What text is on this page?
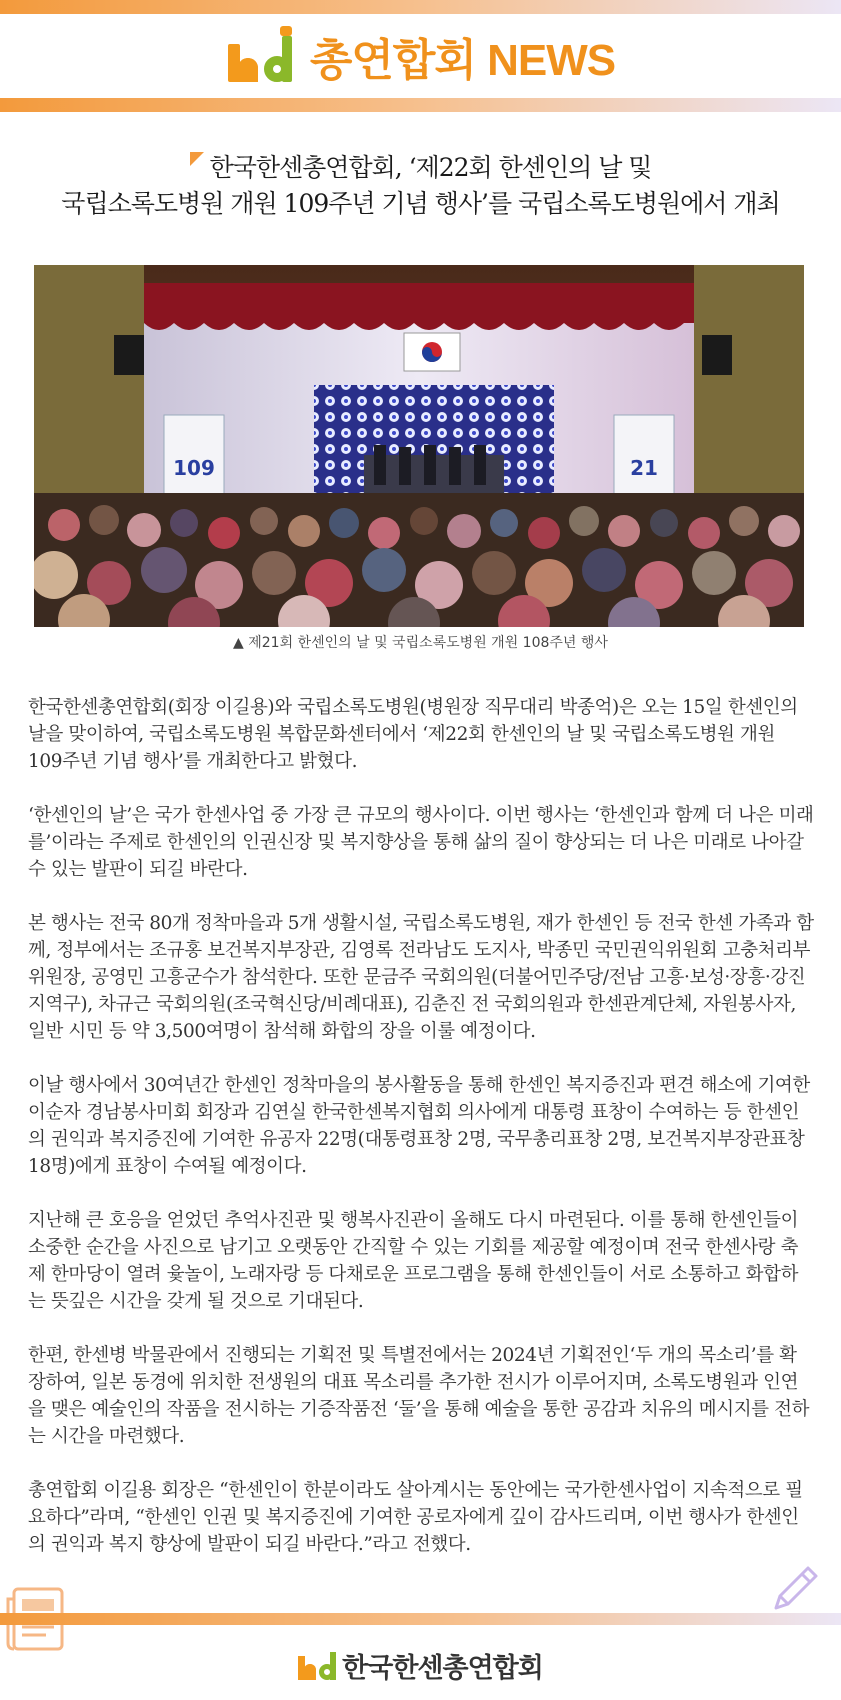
총연합회 NEWS
한국한센총연합회, ‘제22회 한센인의 날 및
국립소록도병원 개원 109주년 기념 행사’를 국립소록도병원에서 개최
109	21
▲ 제21회 한센인의 날 및 국립소록도병원 개원 108주년 행사

한국한센총연합회(회장 이길용)와 국립소록도병원(병원장 직무대리 박종억)은 오는 15일 한센인의 날을 맞이하여, 국립소록도병원 복합문화센터에서 ‘제22회 한센인의 날 및 국립소록도병원 개원 109주년 기념 행사’를 개최한다고 밝혔다.

‘한센인의 날’은 국가 한센사업 중 가장 큰 규모의 행사이다. 이번 행사는 ‘한센인과 함께 더 나은 미래를’이라는 주제로 한센인의 인권신장 및 복지향상을 통해 삶의 질이 향상되는 더 나은 미래로 나아갈 수 있는 발판이 되길 바란다.

본 행사는 전국 80개 정착마을과 5개 생활시설, 국립소록도병원, 재가 한센인 등 전국 한센 가족과 함께, 정부에서는 조규홍 보건복지부장관, 김영록 전라남도 도지사, 박종민 국민권익위원회 고충처리부위원장, 공영민 고흥군수가 참석한다. 또한 문금주 국회의원(더불어민주당/전남 고흥·보성·장흥·강진지역구), 차규근 국회의원(조국혁신당/비례대표), 김춘진 전 국회의원과 한센관계단체, 자원봉사자, 일반 시민 등 약 3,500여명이 참석해 화합의 장을 이룰 예정이다.

이날 행사에서 30여년간 한센인 정착마을의 봉사활동을 통해 한센인 복지증진과 편견 해소에 기여한 이순자 경남봉사미회 회장과 김연실 한국한센복지협회 의사에게 대통령 표창이 수여하는 등 한센인의 권익과 복지증진에 기여한 유공자 22명(대통령표창 2명, 국무총리표창 2명, 보건복지부장관표창 18명)에게 표창이 수여될 예정이다.

지난해 큰 호응을 얻었던 추억사진관 및 행복사진관이 올해도 다시 마련된다. 이를 통해 한센인들이 소중한 순간을 사진으로 남기고 오랫동안 간직할 수 있는 기회를 제공할 예정이며 전국 한센사랑 축제 한마당이 열려 윷놀이, 노래자랑 등 다채로운 프로그램을 통해 한센인들이 서로 소통하고 화합하는 뜻깊은 시간을 갖게 될 것으로 기대된다.

한편, 한센병 박물관에서 진행되는 기획전 및 특별전에서는 2024년 기획전인‘두 개의 목소리’를 확장하여, 일본 동경에 위치한 전생원의 대표 목소리를 추가한 전시가 이루어지며, 소록도병원과 인연을 맺은 예술인의 작품을 전시하는 기증작품전 ‘둘’을 통해 예술을 통한 공감과 치유의 메시지를 전하는 시간을 마련했다.

총연합회 이길용 회장은 “한센인이 한분이라도 살아계시는 동안에는 국가한센사업이 지속적으로 필요하다”라며, “한센인 인권 및 복지증진에 기여한 공로자에게 깊이 감사드리며, 이번 행사가 한센인의 권익과 복지 향상에 발판이 되길 바란다.”라고 전했다.

한국한센총연합회
